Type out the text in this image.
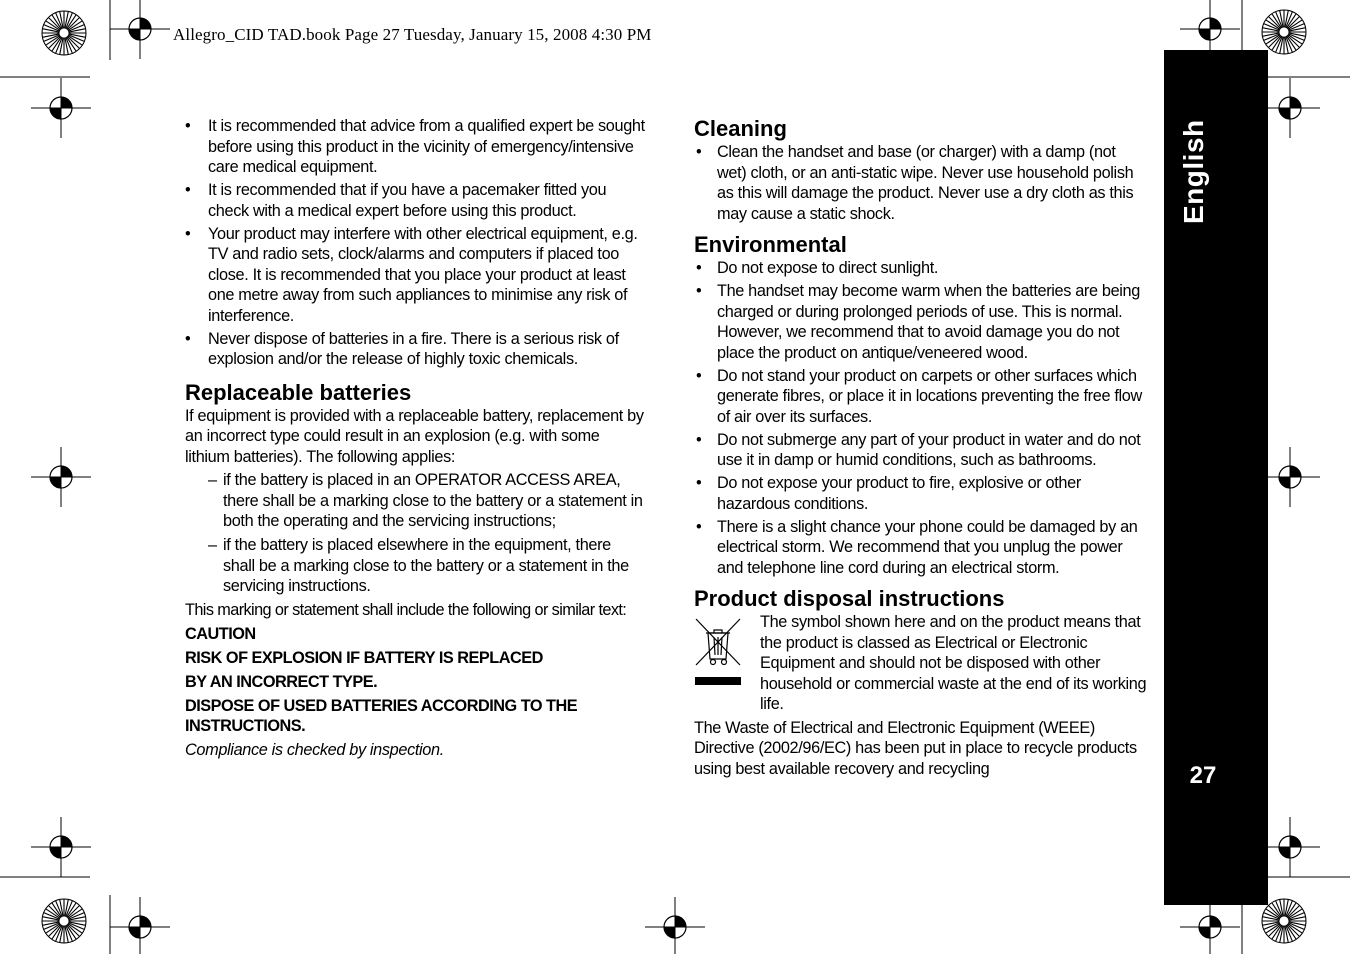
Allegro_CID TAD.book Page 27 Tuesday, January 15, 2008 4:30 PM
English
27
• It is recommended that advice from a qualified expert be sought before using this product in the vicinity of emergency/intensive care medical equipment.
• It is recommended that if you have a pacemaker fitted you check with a medical expert before using this product.
• Your product may interfere with other electrical equipment, e.g. TV and radio sets, clock/alarms and computers if placed too close. It is recommended that you place your product at least one metre away from such appliances to minimise any risk of interference.
• Never dispose of batteries in a fire. There is a serious risk of explosion and/or the release of highly toxic chemicals.
Replaceable batteries

If equipment is provided with a replaceable battery, replacement by an incorrect type could result in an explosion (e.g. with some lithium batteries). The following applies:

– if the battery is placed in an OPERATOR ACCESS AREA, there shall be a marking close to the battery or a statement in both the operating and the servicing instructions;
– if the battery is placed elsewhere in the equipment, there shall be a marking close to the battery or a statement in the servicing instructions.

This marking or statement shall include the following or similar text:

CAUTION

RISK OF EXPLOSION IF BATTERY IS REPLACED

BY AN INCORRECT TYPE.

DISPOSE OF USED BATTERIES ACCORDING TO THE INSTRUCTIONS.

Compliance is checked by inspection.

Cleaning
• Clean the handset and base (or charger) with a damp (not wet) cloth, or an anti-static wipe. Never use household polish as this will damage the product. Never use a dry cloth as this may cause a static shock.
Environmental
• Do not expose to direct sunlight.
• The handset may become warm when the batteries are being charged or during prolonged periods of use. This is normal. However, we recommend that to avoid damage you do not place the product on antique/veneered wood.
• Do not stand your product on carpets or other surfaces which generate fibres, or place it in locations preventing the free flow of air over its surfaces.
• Do not submerge any part of your product in water and do not use it in damp or humid conditions, such as bathrooms.
• Do not expose your product to fire, explosive or other hazardous conditions.
• There is a slight chance your phone could be damaged by an electrical storm. We recommend that you unplug the power and telephone line cord during an electrical storm.
Product disposal instructions
The symbol shown here and on the product means that the product is classed as Electrical or Electronic Equipment and should not be disposed with other household or commercial waste at the end of its working life.

The Waste of Electrical and Electronic Equipment (WEEE) Directive (2002/96/EC) has been put in place to recycle products using best available recovery and recycling
